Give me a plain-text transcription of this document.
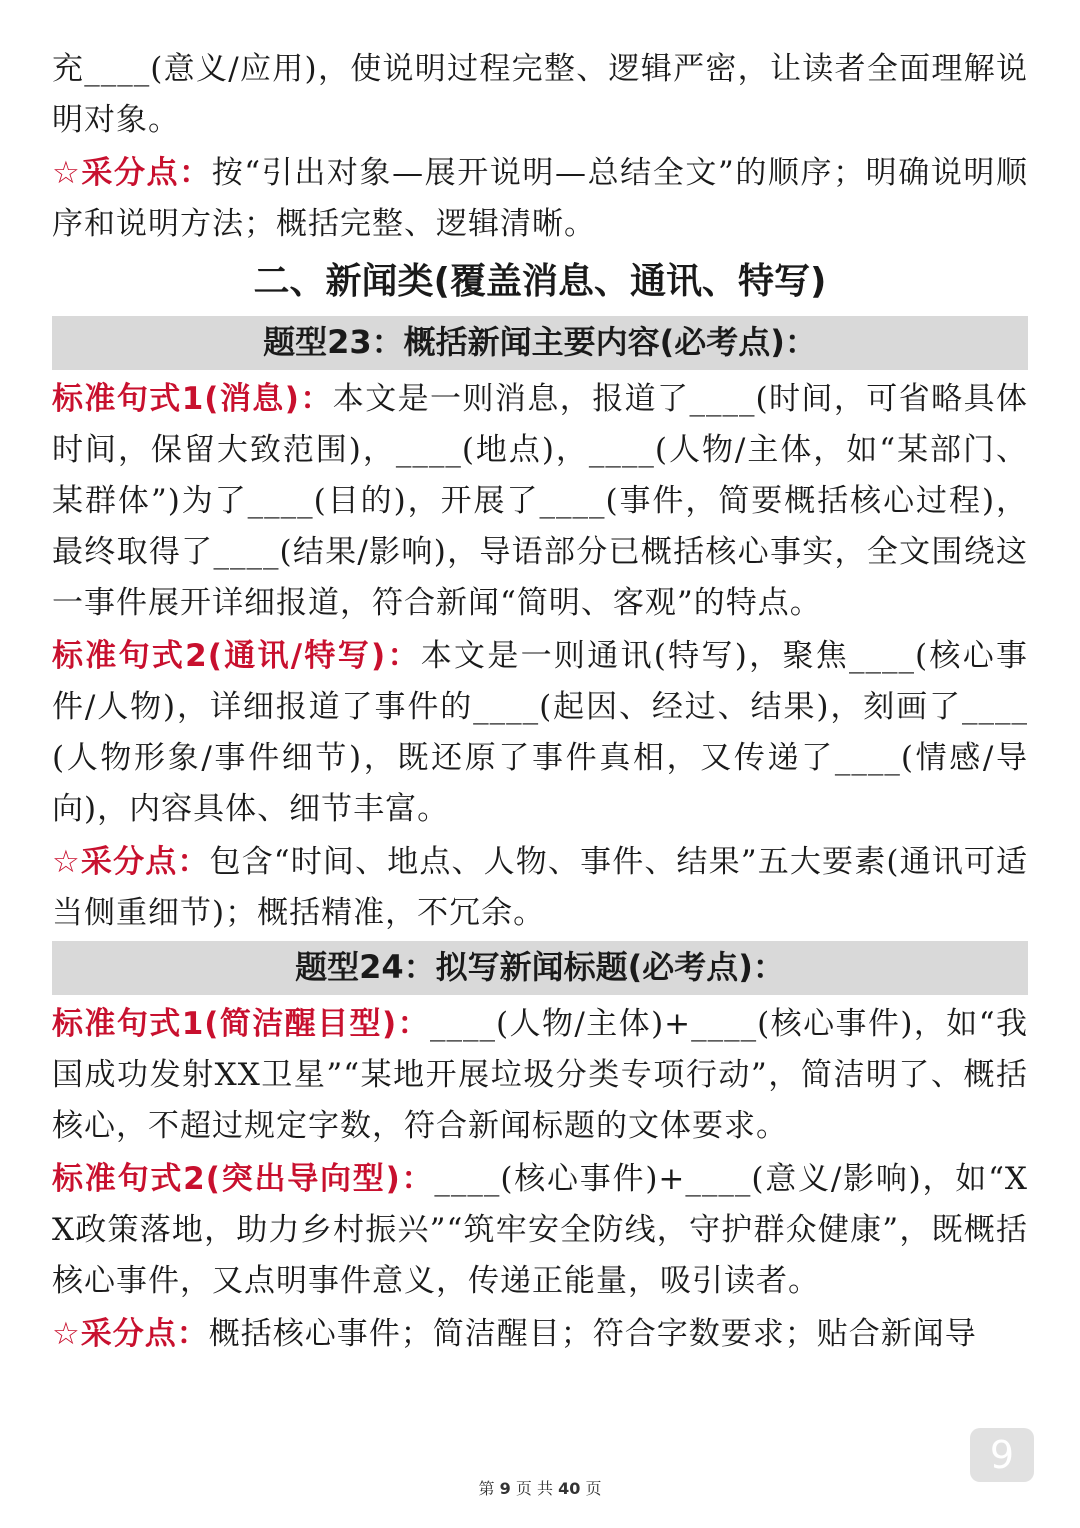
充____(意义/应用)，使说明过程完整、逻辑严密，让读者全面理解说明对象。

☆采分点：按“引出对象—展开说明—总结全文”的顺序；明确说明顺序和说明方法；概括完整、逻辑清晰。

二、新闻类(覆盖消息、通讯、特写)
题型23：概括新闻主要内容(必考点)：

标准句式1(消息)：本文是一则消息，报道了____(时间，可省略具体时间，保留大致范围)，____(地点)，____(人物/主体，如“某部门、某群体”)为了____(目的)，开展了____(事件，简要概括核心过程)，最终取得了____(结果/影响)，导语部分已概括核心事实，全文围绕这一事件展开详细报道，符合新闻“简明、客观”的特点。

标准句式2(通讯/特写)：本文是一则通讯(特写)，聚焦____(核心事件/人物)，详细报道了事件的____(起因、经过、结果)，刻画了____(人物形象/事件细节)，既还原了事件真相，又传递了____(情感/导向)，内容具体、细节丰富。

☆采分点：包含“时间、地点、人物、事件、结果”五大要素(通讯可适当侧重细节)；概括精准，不冗余。

题型24：拟写新闻标题(必考点)：

标准句式1(简洁醒目型)：____(人物/主体)+____(核心事件)，如“我国成功发射XX卫星”“某地开展垃圾分类专项行动”，简洁明了、概括核心，不超过规定字数，符合新闻标题的文体要求。

标准句式2(突出导向型)：____(核心事件)+____(意义/影响)，如“XX政策落地，助力乡村振兴”“筑牢安全防线，守护群众健康”，既概括核心事件，又点明事件意义，传递正能量，吸引读者。

☆采分点：概括核心事件；简洁醒目；符合字数要求；贴合新闻导

9
第 9 页 共 40 页
